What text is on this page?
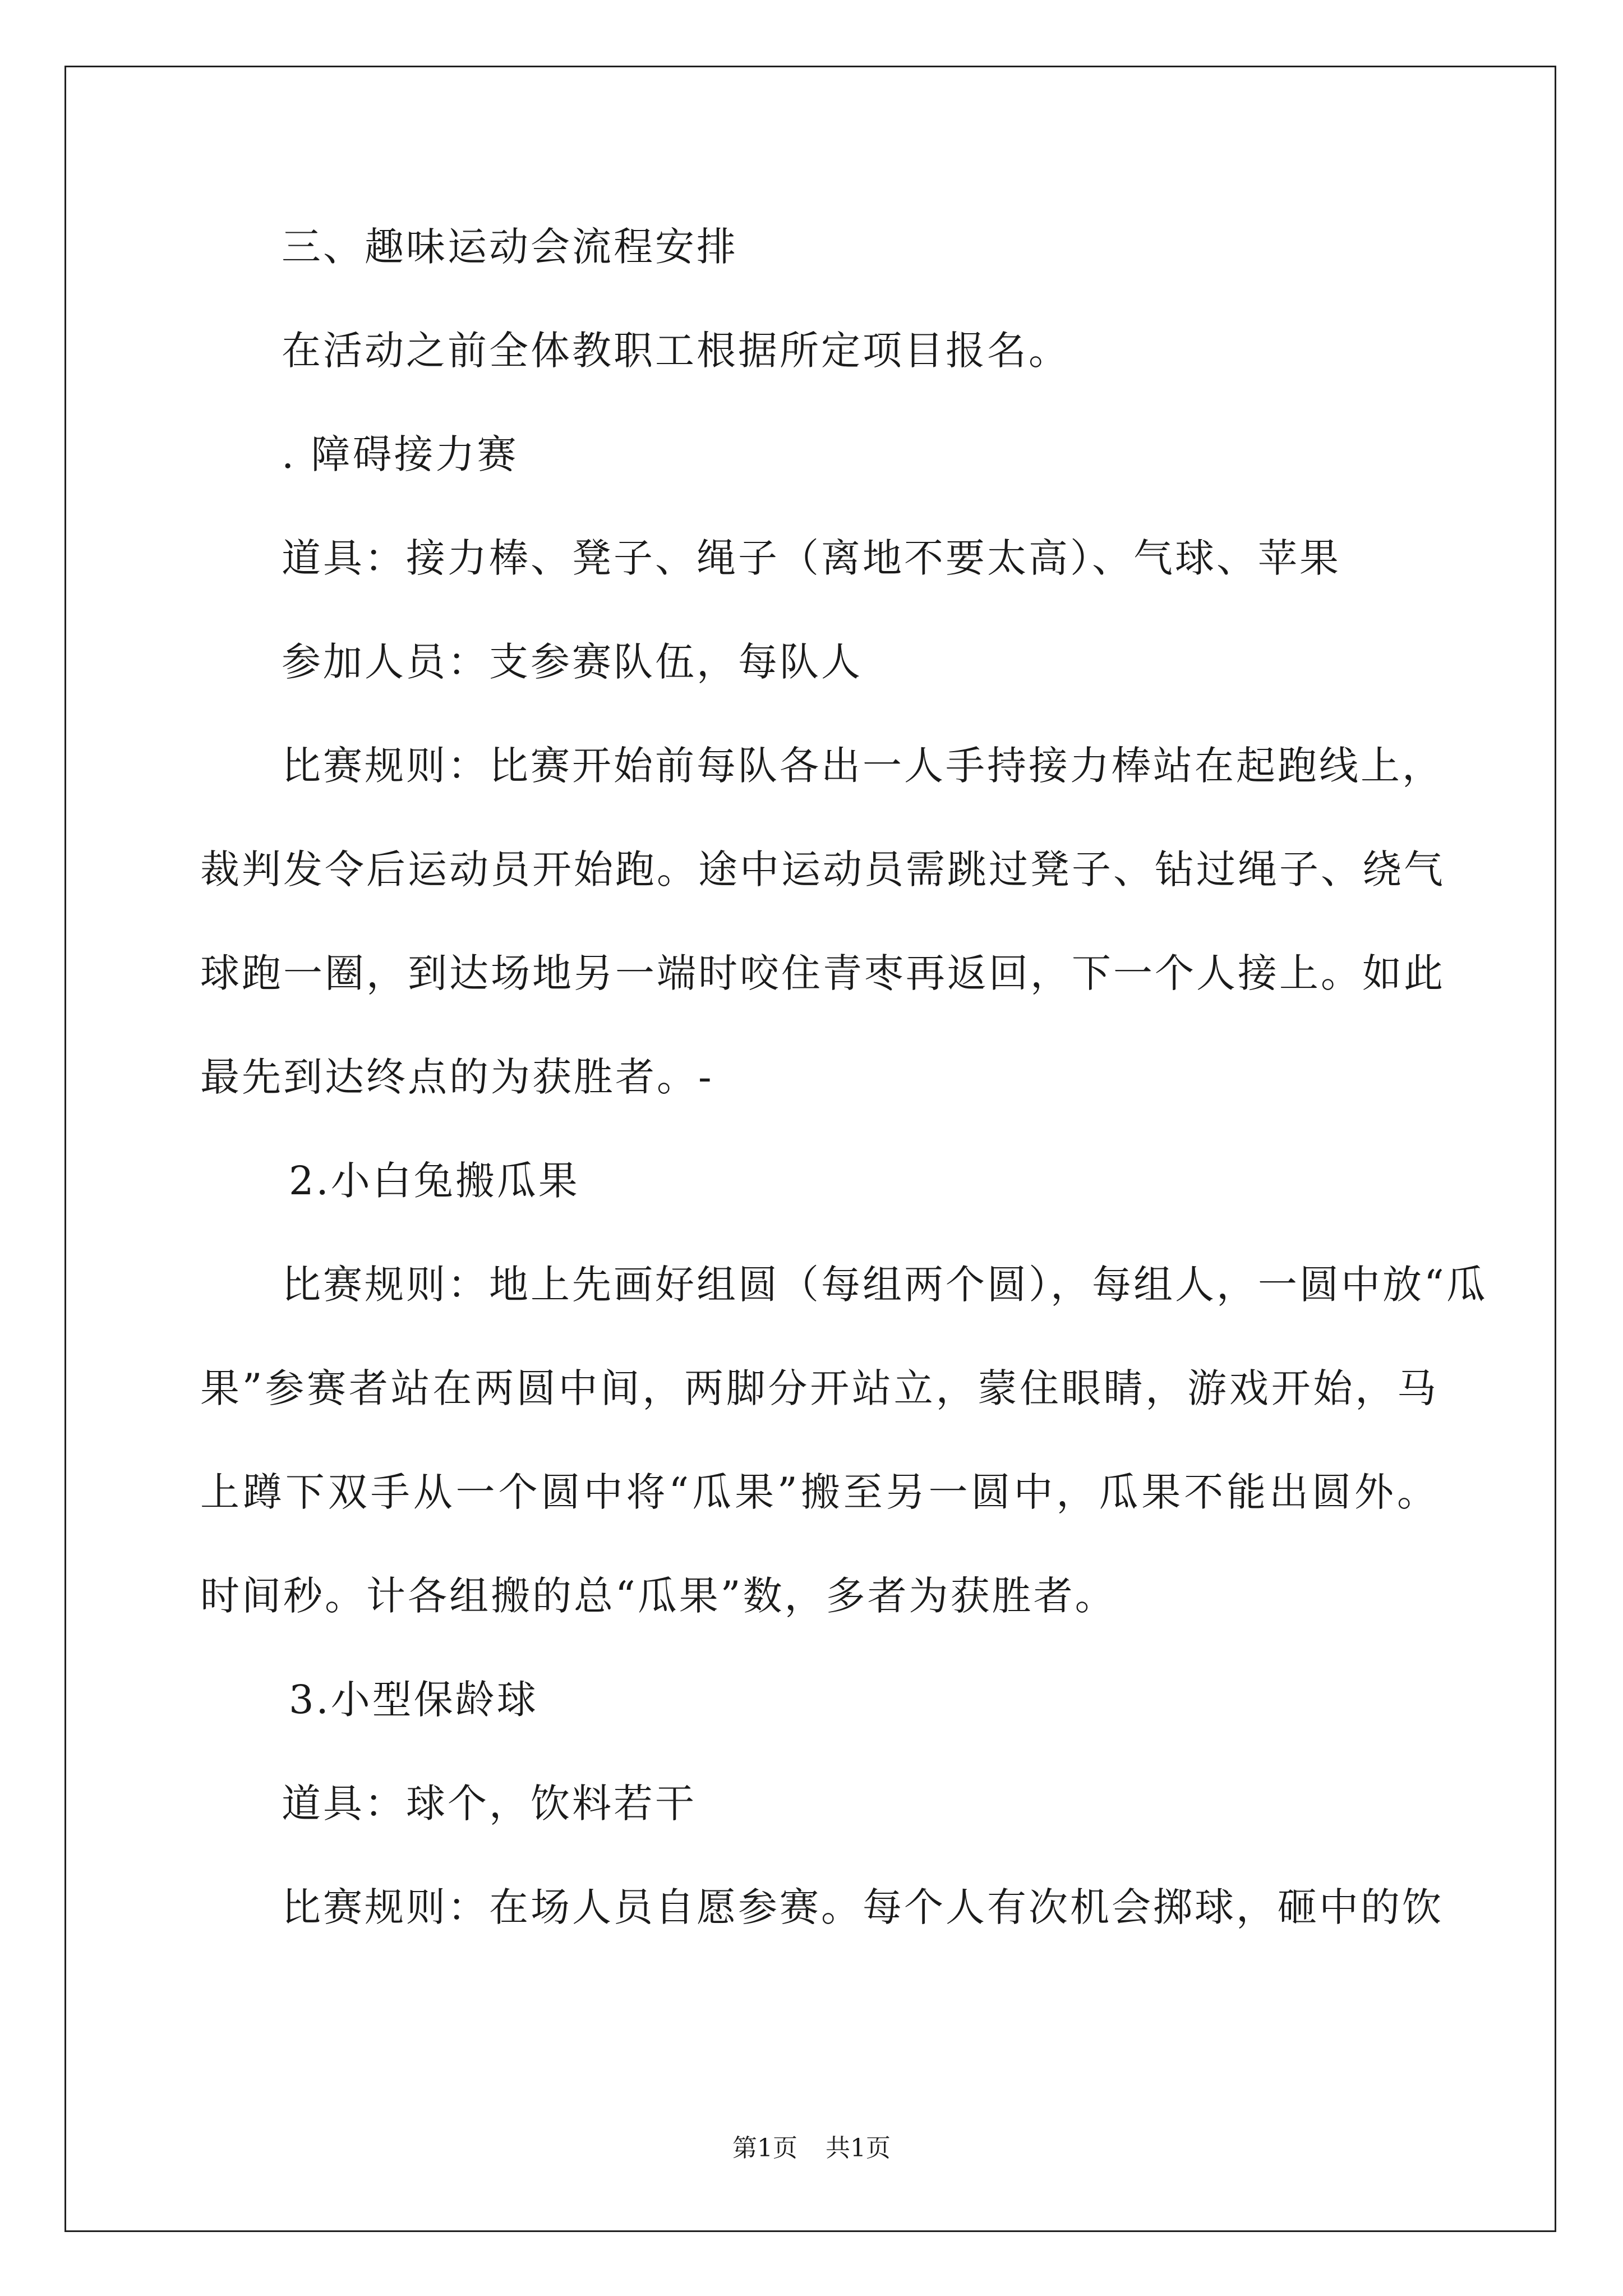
三、趣味运动会流程安排
在活动之前全体教职工根据所定项目报名。
. 障碍接力赛
道具：接力棒、凳子、绳子（离地不要太高）、气球、苹果
参加人员：支参赛队伍，每队人
比赛规则：比赛开始前每队各出一人手持接力棒站在起跑线上，
裁判发令后运动员开始跑。途中运动员需跳过凳子、钻过绳子、绕气
球跑一圈，到达场地另一端时咬住青枣再返回，下一个人接上。如此
最先到达终点的为获胜者。-
2.小白兔搬瓜果
比赛规则：地上先画好组圆（每组两个圆），每组人，一圆中放“瓜
果”参赛者站在两圆中间，两脚分开站立，蒙住眼睛，游戏开始，马
上蹲下双手从一个圆中将“瓜果”搬至另一圆中，瓜果不能出圆外。
时间秒。计各组搬的总“瓜果”数，多者为获胜者。
3.小型保龄球
道具：球个，饮料若干
比赛规则：在场人员自愿参赛。每个人有次机会掷球，砸中的饮
第1页 共1页
